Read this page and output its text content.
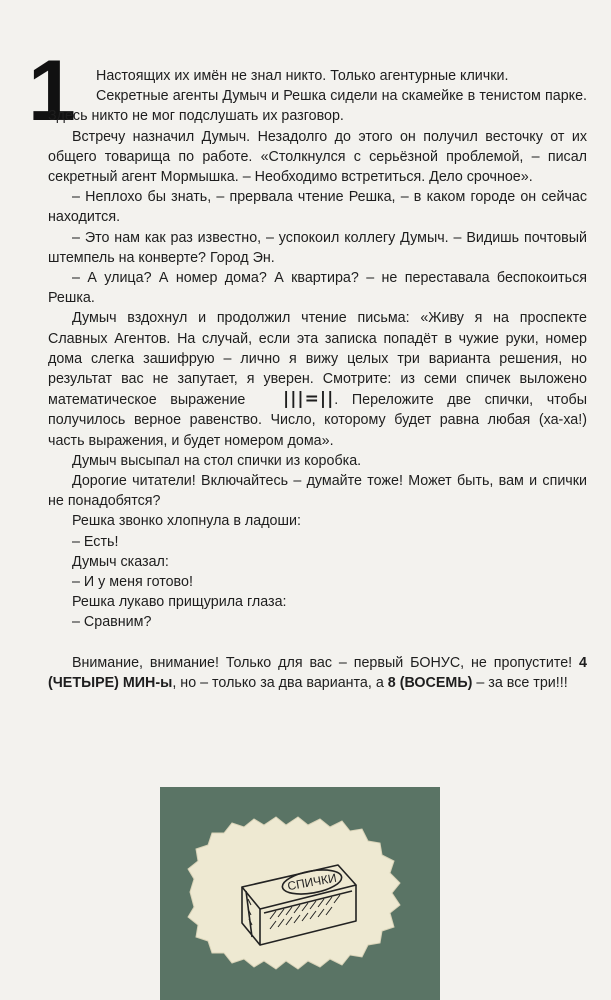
1 Настоящих их имён не знал никто. Только агентурные клички.

Секретные агенты Думыч и Решка сидели на скамейке в тенистом парке. Здесь никто не мог подслушать их разговор.

Встречу назначил Думыч. Незадолго до этого он получил весточку от их общего товарища по работе. «Столкнулся с серьёзной проблемой, – писал секретный агент Мормышка. – Необходимо встретиться. Дело срочное».

– Неплохо бы знать, – прервала чтение Решка, – в каком городе он сейчас находится.

– Это нам как раз известно, – успокоил коллегу Думыч. – Видишь почтовый штемпель на конверте? Город Эн.

– А улица? А номер дома? А квартира? – не переставала беспокоиться Решка.

Думыч вздохнул и продолжил чтение письма: «Живу я на проспекте Славных Агентов. На случай, если эта записка попадёт в чужие руки, номер дома слегка зашифрую – лично я вижу целых три варианта решения, но результат вас не запутает, я уверен. Смотрите: из семи спичек выложено математическое выражение |||=||. Переложите две спички, чтобы получилось верное равенство. Число, которому будет равна любая (ха-ха!) часть выражения, и будет номером дома».

Думыч высыпал на стол спички из коробка.

Дорогие читатели! Включайтесь – думайте тоже! Может быть, вам и спички не понадобятся?

Решка звонко хлопнула в ладоши:

– Есть!

Думыч сказал:

– И у меня готово!

Решка лукаво прищурила глаза:

– Сравним?

Внимание, внимание! Только для вас – первый БОНУС, не пропустите! 4 (ЧЕТЫРЕ) МИН-ы, но – только за два варианта, а 8 (ВОСЕМЬ) – за все три!!!

СПИЧКИ
